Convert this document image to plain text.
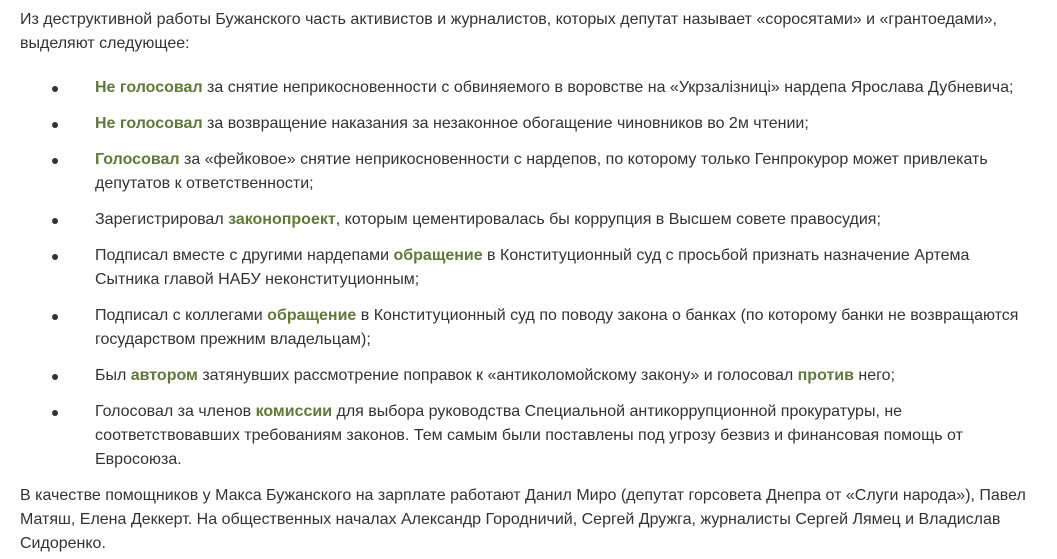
Из деструктивной работы Бужанского часть активистов и журналистов, которых депутат называет «соросятами» и «грантоедами», выделяют следующее:

Не голосовал за снятие неприкосновенности с обвиняемого в воровстве на «Укрзалізниці» нардепа Ярослава Дубневича;
Не голосовал за возвращение наказания за незаконное обогащение чиновников во 2м чтении;
Голосовал за «фейковое» снятие неприкосновенности с нардепов, по которому только Генпрокурор может привлекать депутатов к ответственности;
Зарегистрировал законопроект, которым цементировалась бы коррупция в Высшем совете правосудия;
Подписал вместе с другими нардепами обращение в Конституционный суд с просьбой признать назначение Артема Сытника главой НАБУ неконституционным;
Подписал с коллегами обращение в Конституционный суд по поводу закона о банках (по которому банки не возвращаются государством прежним владельцам);
Был автором затянувших рассмотрение поправок к «антиколомойскому закону» и голосовал против него;
Голосовал за членов комиссии для выбора руководства Специальной антикоррупционной прокуратуры, не соответствовавших требованиям законов. Тем самым были поставлены под угрозу безвиз и финансовая помощь от Евросоюза.

В качестве помощников у Макса Бужанского на зарплате работают Данил Миро (депутат горсовета Днепра от «Слуги народа»), Павел Матяш, Елена Деккерт. На общественных началах Александр Городничий, Сергей Дружга, журналисты Сергей Лямец и Владислав Сидоренко.
